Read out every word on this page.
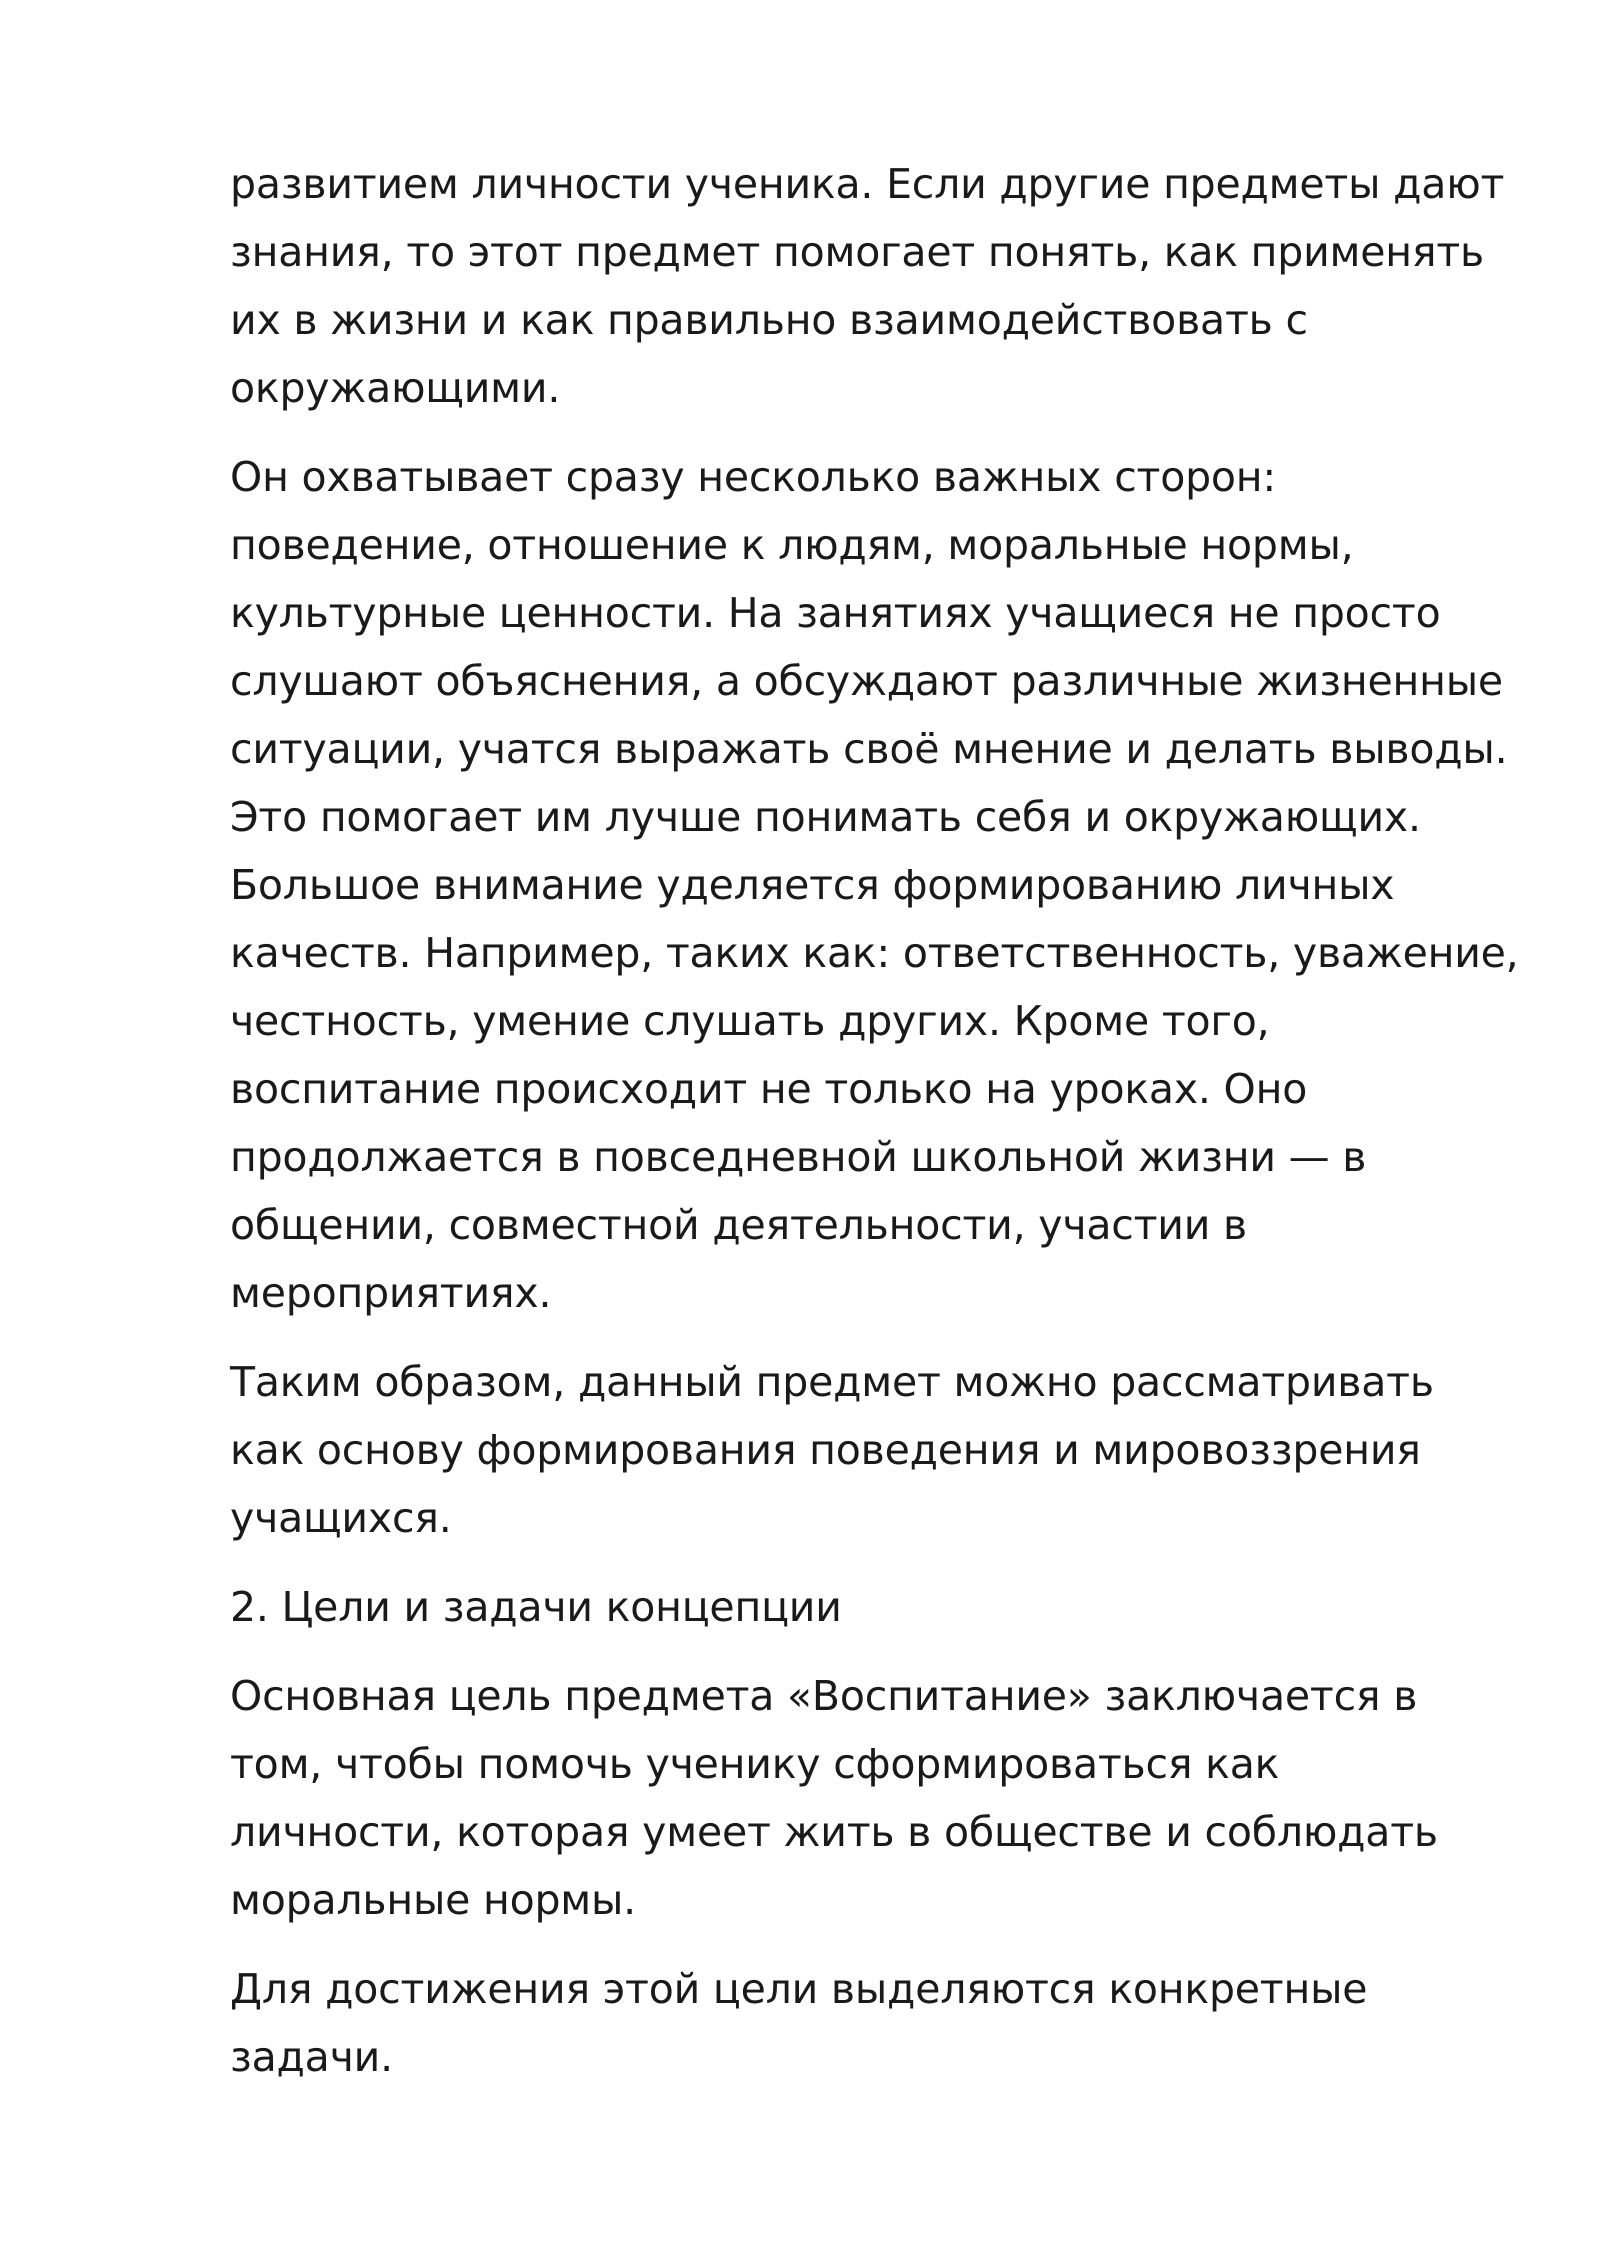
развитием личности ученика. Если другие предметы дают
знания, то этот предмет помогает понять, как применять
их в жизни и как правильно взаимодействовать с
окружающими.

Он охватывает сразу несколько важных сторон:
поведение, отношение к людям, моральные нормы,
культурные ценности. На занятиях учащиеся не просто
слушают объяснения, а обсуждают различные жизненные
ситуации, учатся выражать своё мнение и делать выводы.
Это помогает им лучше понимать себя и окружающих.
Большое внимание уделяется формированию личных
качеств. Например, таких как: ответственность, уважение,
честность, умение слушать других. Кроме того,
воспитание происходит не только на уроках. Оно
продолжается в повседневной школьной жизни — в
общении, совместной деятельности, участии в
мероприятиях.

Таким образом, данный предмет можно рассматривать
как основу формирования поведения и мировоззрения
учащихся.

2. Цели и задачи концепции

Основная цель предмета «Воспитание» заключается в
том, чтобы помочь ученику сформироваться как
личности, которая умеет жить в обществе и соблюдать
моральные нормы.

Для достижения этой цели выделяются конкретные
задачи.
